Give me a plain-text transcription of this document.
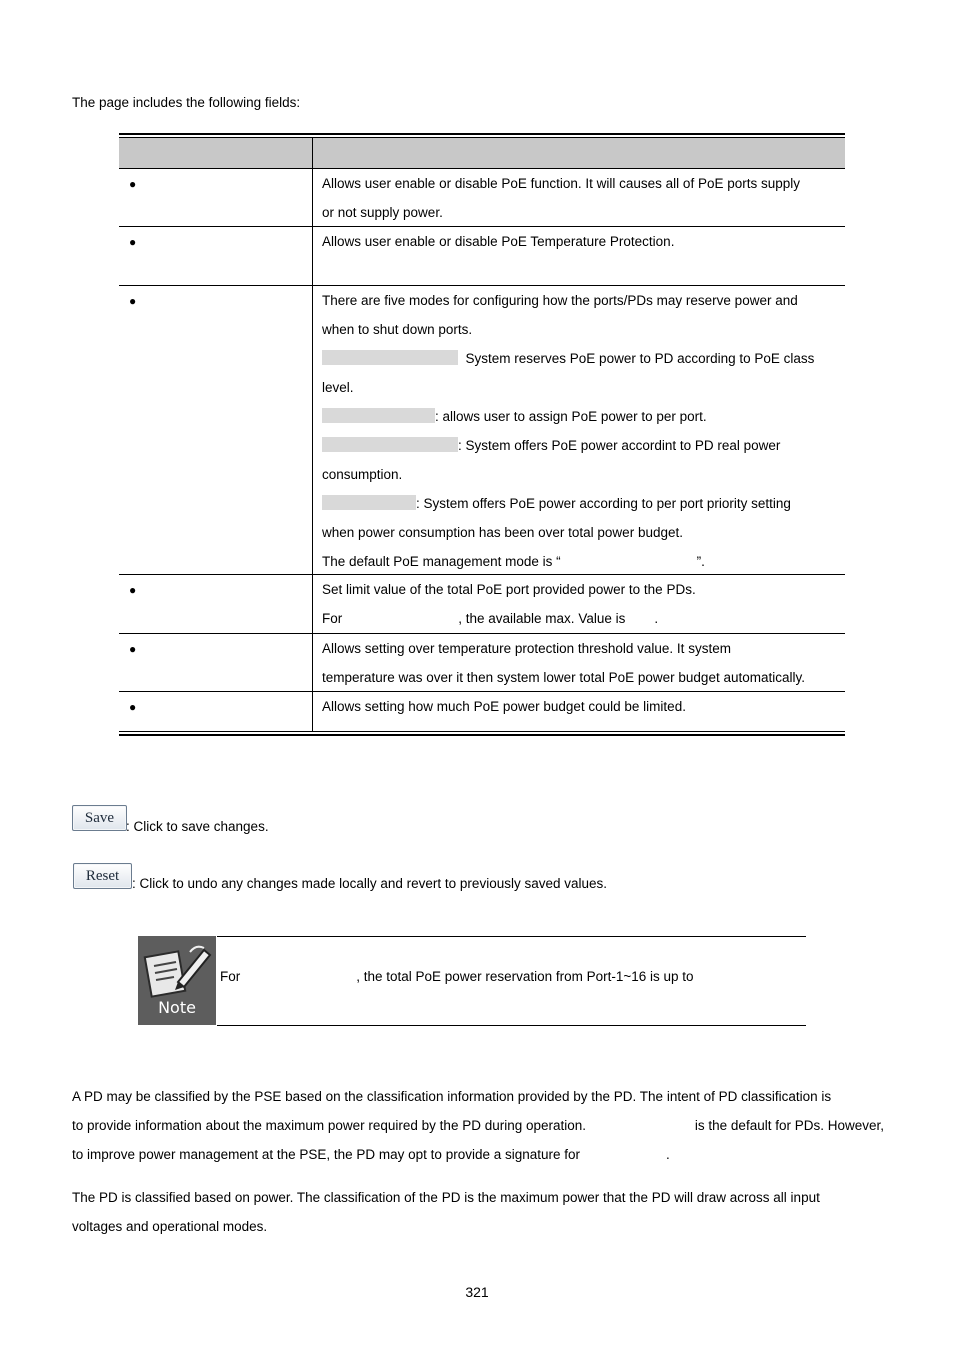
The page includes the following fields:
●	Allows user enable or disable PoE function. It will causes all of PoE ports supply
or not supply power.
●	Allows user enable or disable PoE Temperature Protection.
●	There are five modes for configuring how the ports/PDs may reserve power and
when to shut down ports.
System reserves PoE power to PD according to PoE class
level.
: allows user to assign PoE power to per port.
: System offers PoE power accordint to PD real power
consumption.
: System offers PoE power according to per port priority setting
when power consumption has been over total power budget.
The default PoE management mode is “	”.
●	Set limit value of the total PoE port provided power to the PDs.
For	, the available max. Value is .
●	Allows setting over temperature protection threshold value. It system
temperature was over it then system lower total PoE power budget automatically.
●	Allows setting how much PoE power budget could be limited.
Save
: Click to save changes.
Reset : Click to undo any changes made locally and revert to previously saved values.
Note
For	, the total PoE power reservation from Port-1~16 is up to
A PD may be classified by the PSE based on the classification information provided by the PD. The intent of PD classification is
to provide information about the maximum power required by the PD during operation.	is the default for PDs. However,
to improve power management at the PSE, the PD may opt to provide a signature for	.
The PD is classified based on power. The classification of the PD is the maximum power that the PD will draw across all input
voltages and operational modes.
321
